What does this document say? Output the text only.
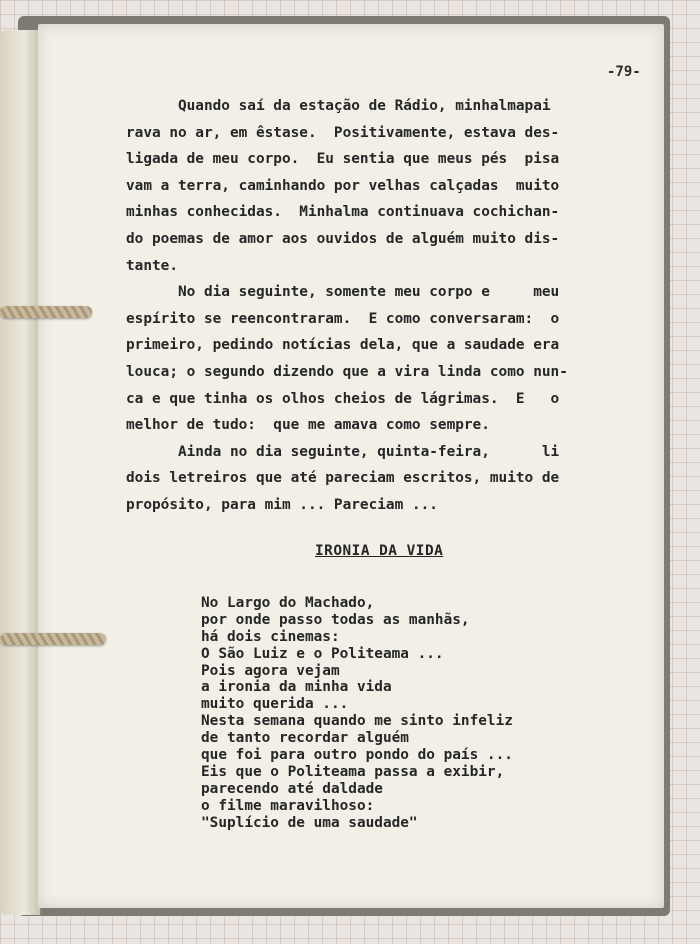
-79-
Quando saí da estação de Rádio, minhalmapai
rava no ar, em êstase.  Positivamente, estava des-
ligada de meu corpo.  Eu sentia que meus pés  pisa
vam a terra, caminhando por velhas calçadas  muito
minhas conhecidas.  Minhalma continuava cochichan-
do poemas de amor aos ouvidos de alguém muito dis-
tante.
No dia seguinte, somente meu corpo e     meu
espírito se reencontraram.  E como conversaram:  o
primeiro, pedindo notícias dela, que a saudade era
louca; o segundo dizendo que a vira linda como nun-
ca e que tinha os olhos cheios de lágrimas.  E   o
melhor de tudo:  que me amava como sempre.
Ainda no dia seguinte, quinta-feira,      li
dois letreiros que até pareciam escritos, muito de
propósito, para mim ... Pareciam ...
IRONIA DA VIDA
No Largo do Machado,
por onde passo todas as manhãs,
há dois cinemas:
O São Luiz e o Politeama ...
Pois agora vejam
a ironia da minha vida
muito querida ...
Nesta semana quando me sinto infeliz
de tanto recordar alguém
que foi para outro pondo do país ...
Eis que o Politeama passa a exibir,
parecendo até daldade
o filme maravilhoso:
"Suplício de uma saudade"
